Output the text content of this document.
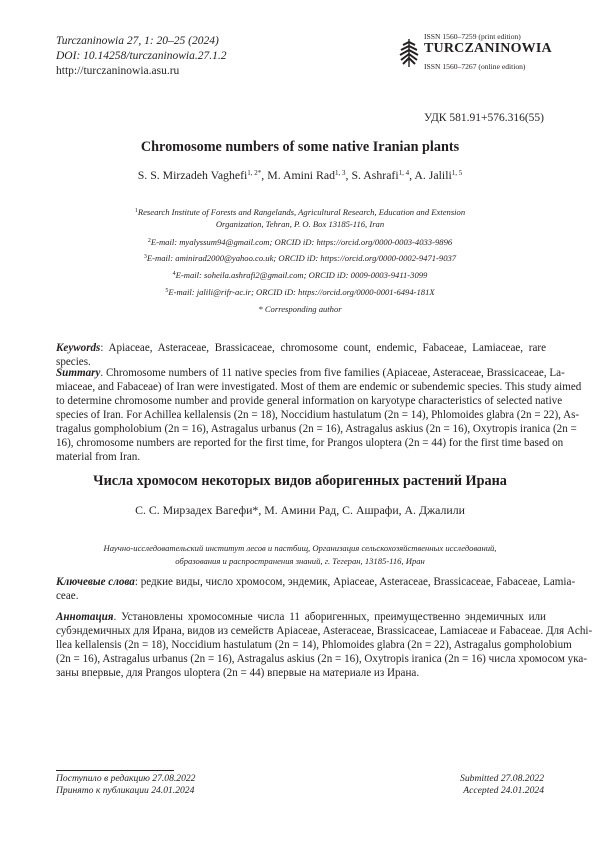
Turczaninowia 27, 1: 20–25 (2024)
DOI: 10.14258/turczaninowia.27.1.2
http://turczaninowia.asu.ru
ISSN 1560–7259 (print edition)
TURCZANINOWIA
ISSN 1560–7267 (online edition)
УДК 581.91+576.316(55)
Chromosome numbers of some native Iranian plants
S. S. Mirzadeh Vaghefi$^{1, 2*}$, M. Amini Rad$^{1, 3}$, S. Ashrafi$^{1, 4}$, A. Jalili$^{1, 5}$
$^1$Research Institute of Forests and Rangelands, Agricultural Research, Education and Extension
Organization, Tehran, P. O. Box 13185-116, Iran
$^2$E-mail: myalyssum94@gmail.com; ORCID iD: https://orcid.org/0000-0003-4033-9896
$^3$E-mail: aminirad2000@yahoo.co.uk; ORCID iD: https://orcid.org/0000-0002-9471-9037
$^4$E-mail: soheila.ashrafi2@gmail.com; ORCID iD: 0009-0003-9411-3099
$^5$E-mail: jalili@rifr-ac.ir; ORCID iD: https://orcid.org/0000-0001-6494-181X
* Corresponding author
Keywords: Apiaceae, Asteraceae, Brassicaceae, chromosome count, endemic, Fabaceae, Lamiaceae, rare species.
Summary. Chromosome numbers of 11 native species from five families (Apiaceae, Asteraceae, Brassicaceae, La-
miaceae, and Fabaceae) of Iran were investigated. Most of them are endemic or subendemic species. This study aimed
to determine chromosome number and provide general information on karyotype characteristics of selected native
species of Iran. For Achillea kellalensis (2n = 18), Noccidium hastulatum (2n = 14), Phlomoides glabra (2n = 22), As-
tragalus gompholobium (2n = 16), Astragalus urbanus (2n = 16), Astragalus askius (2n = 16), Oxytropis iranica (2n =
16), chromosome numbers are reported for the first time, for Prangos uloptera (2n = 44) for the first time based on
material from Iran.
Числа хромосом некоторых видов аборигенных растений Ирана
С. С. Мирзадех Вагефи*, М. Амини Рад, С. Ашрафи, А. Джалили
Научно-исследовательский институт лесов и пастбищ, Организация сельскохозяйственных исследований,
образования и распространения знаний, г. Тегеран, 13185-116, Иран
Ключевые слова: редкие виды, число хромосом, эндемик, Apiaceae, Asteraceae, Brassicaceae, Fabaceae, Lamia-
ceae.
Аннотация. Установлены хромосомные числа 11 аборигенных, преимущественно эндемичных или
субэндемичных для Ирана, видов из семейств Apiaceae, Asteraceae, Brassicaceae, Lamiaceae и Fabaceae. Для Achi-
llea kellalensis (2n = 18), Noccidium hastulatum (2n = 14), Phlomoides glabra (2n = 22), Astragalus gompholobium
(2n = 16), Astragalus urbanus (2n = 16), Astragalus askius (2n = 16), Oxytropis iranica (2n = 16) числа хромосом ука-
заны впервые, для Prangos uloptera (2n = 44) впервые на материале из Ирана.
Поступило в редакцию 27.08.2022
Принято к публикации 24.01.2024
Submitted 27.08.2022
Accepted 24.01.2024
